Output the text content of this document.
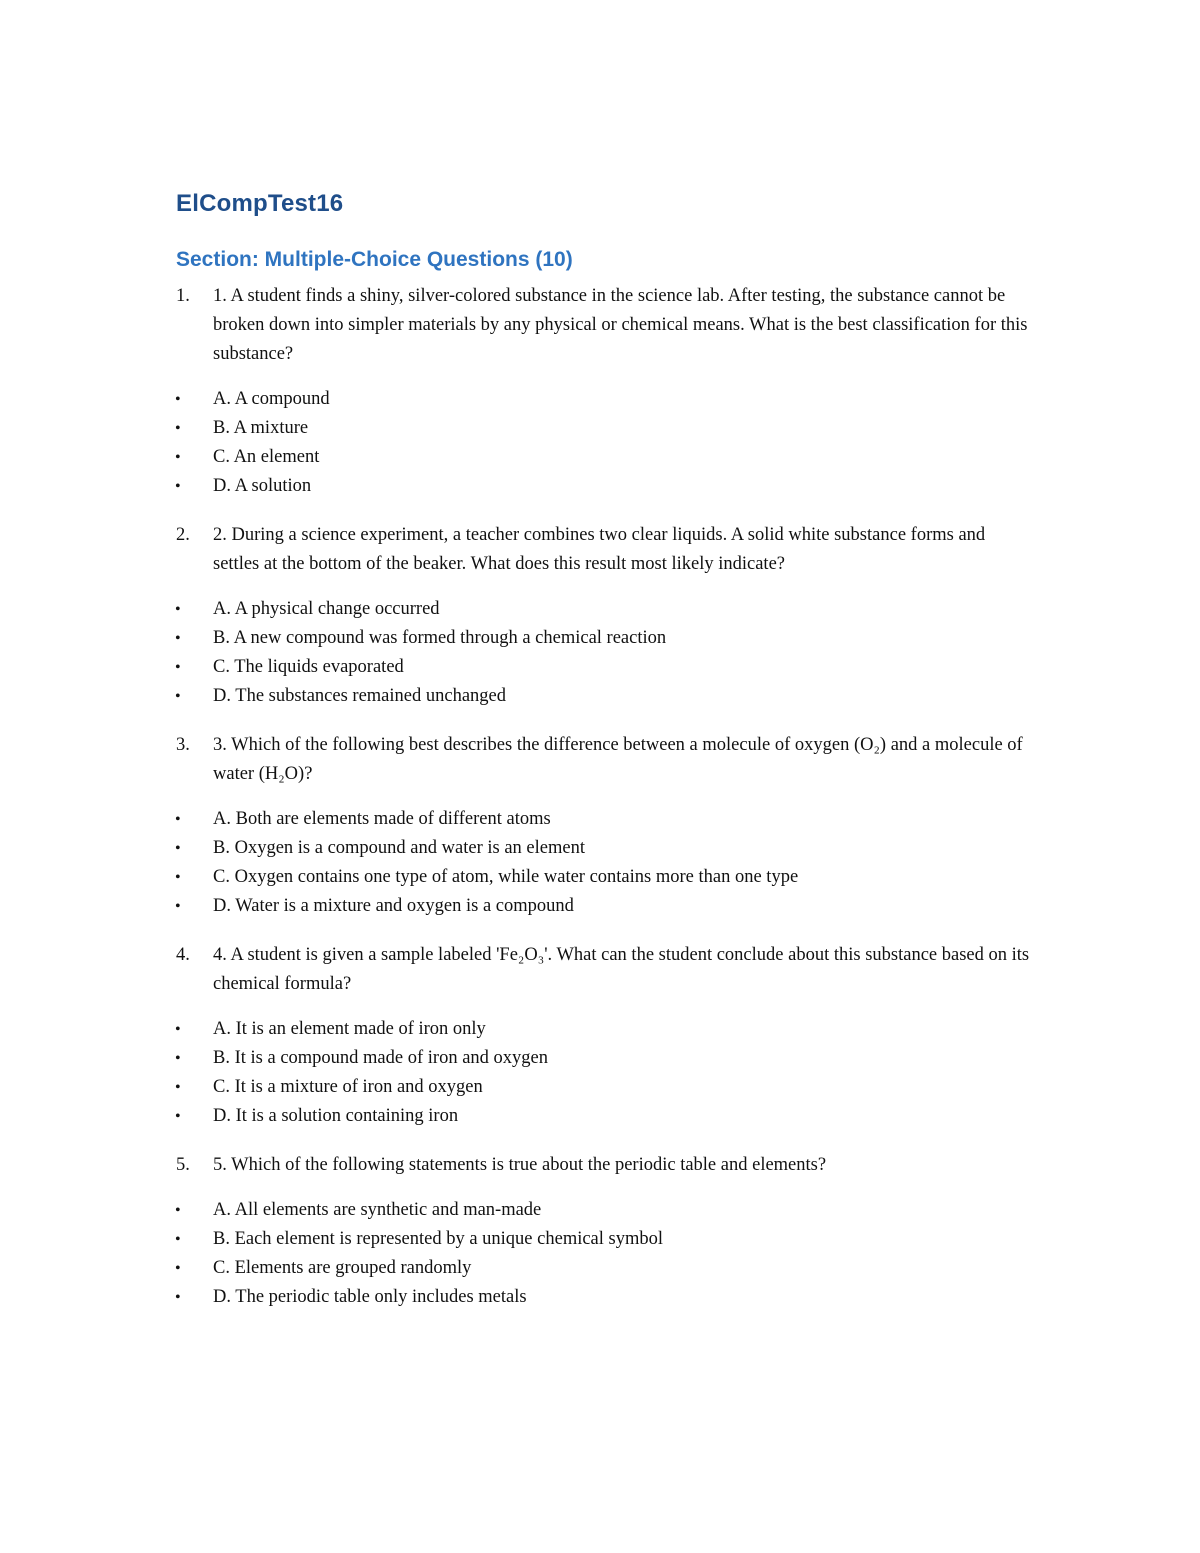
ElCompTest16
Section: Multiple-Choice Questions (10)
1. 1. A student finds a shiny, silver-colored substance in the science lab. After testing, the substance cannot be broken down into simpler materials by any physical or chemical means. What is the best classification for this substance?
• A. A compound
• B. A mixture
• C. An element
• D. A solution
2. 2. During a science experiment, a teacher combines two clear liquids. A solid white substance forms and settles at the bottom of the beaker. What does this result most likely indicate?
• A. A physical change occurred
• B. A new compound was formed through a chemical reaction
• C. The liquids evaporated
• D. The substances remained unchanged
3. 3. Which of the following best describes the difference between a molecule of oxygen (O₂) and a molecule of water (H₂O)?
• A. Both are elements made of different atoms
• B. Oxygen is a compound and water is an element
• C. Oxygen contains one type of atom, while water contains more than one type
• D. Water is a mixture and oxygen is a compound
4. 4. A student is given a sample labeled 'Fe₂O₃'. What can the student conclude about this substance based on its chemical formula?
• A. It is an element made of iron only
• B. It is a compound made of iron and oxygen
• C. It is a mixture of iron and oxygen
• D. It is a solution containing iron
5. 5. Which of the following statements is true about the periodic table and elements?
• A. All elements are synthetic and man-made
• B. Each element is represented by a unique chemical symbol
• C. Elements are grouped randomly
• D. The periodic table only includes metals
